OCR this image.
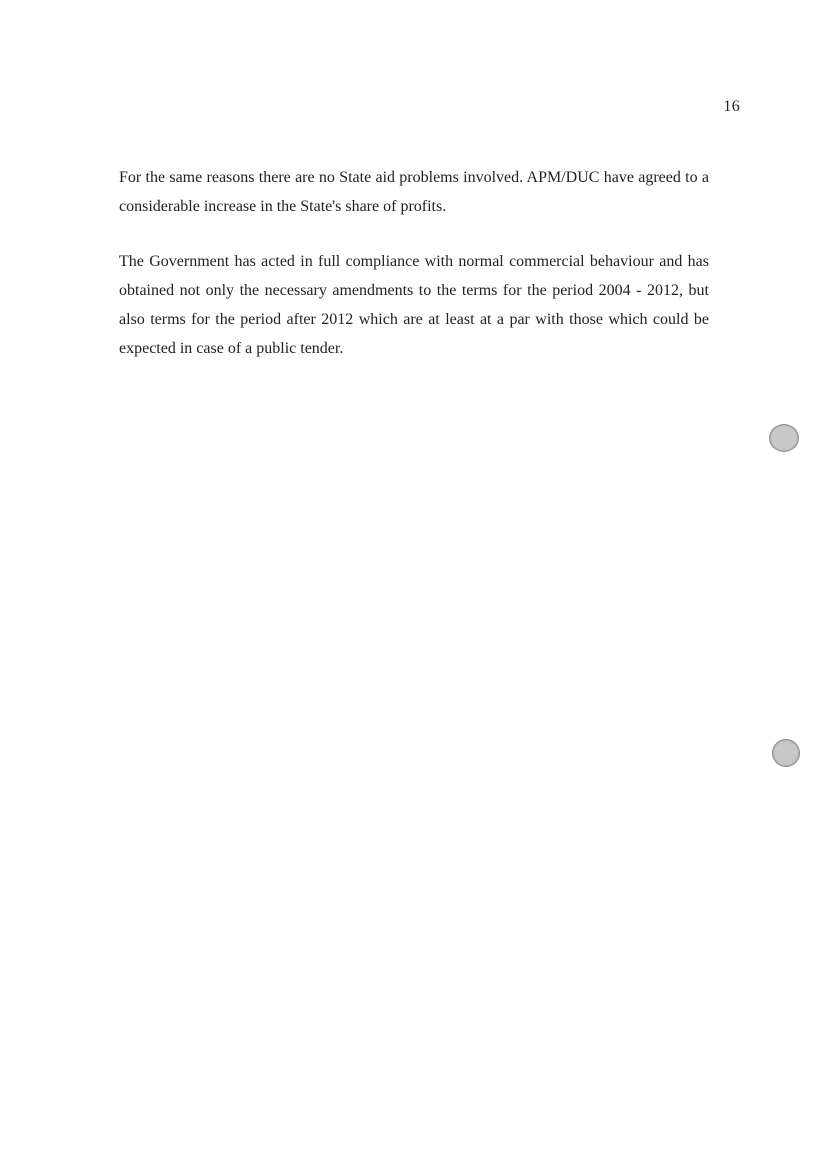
16

For the same reasons there are no State aid problems involved. APM/DUC have agreed to a considerable increase in the State's share of profits.

The Government has acted in full compliance with normal commercial behaviour and has obtained not only the necessary amendments to the terms for the period 2004 - 2012, but also terms for the period after 2012 which are at least at a par with those which could be expected in case of a public tender.
